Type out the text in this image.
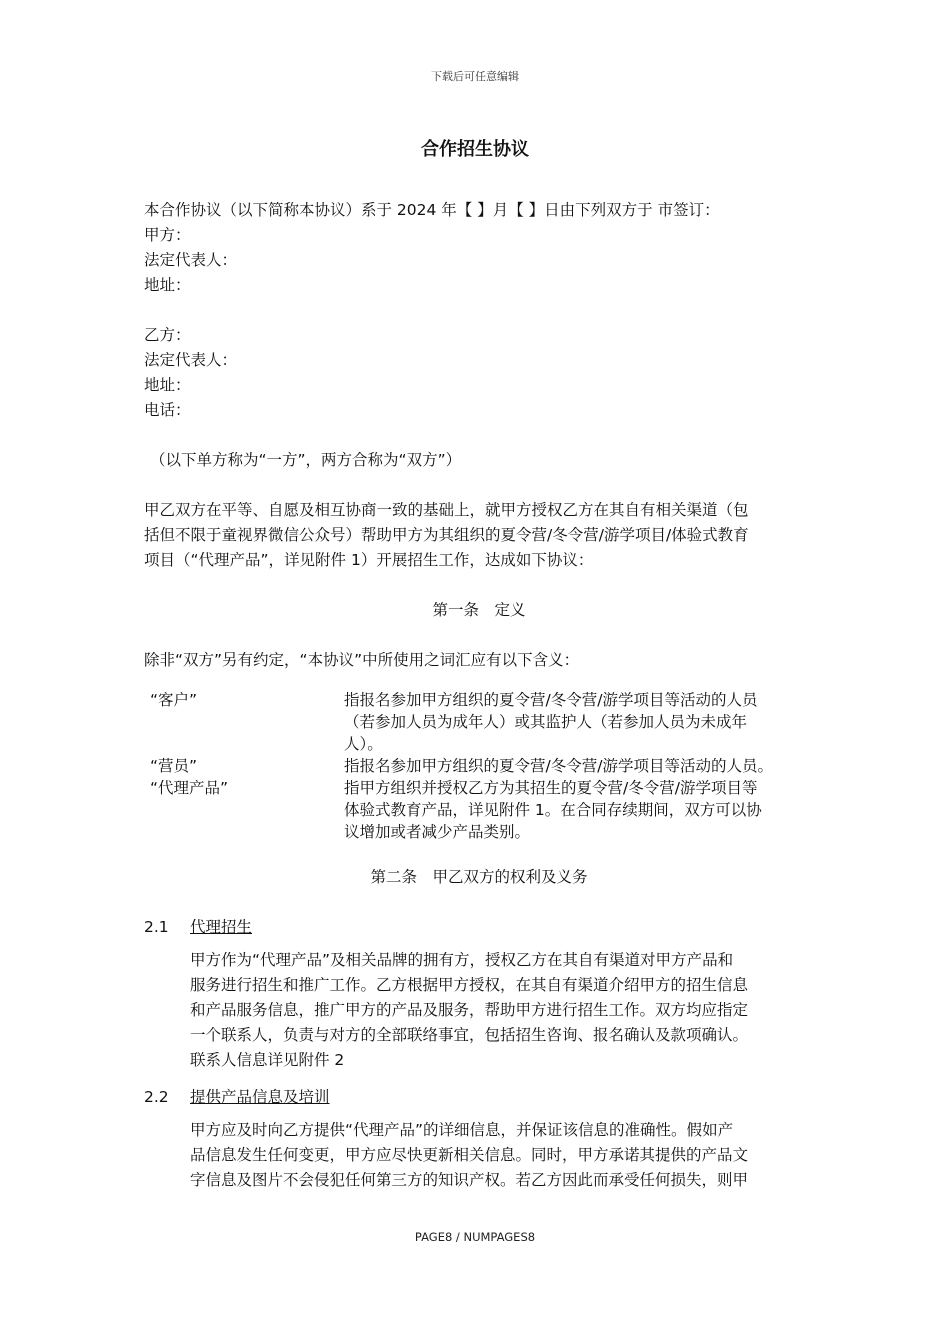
下载后可任意编辑
合作招生协议
本合作协议（以下简称本协议）系于 2024 年【 】月【 】日由下列双方于 市签订：
甲方：
法定代表人：
地址：
乙方：
法定代表人：
地址：
电话：
（以下单方称为“一方”，两方合称为“双方”）
甲乙双方在平等、自愿及相互协商一致的基础上，就甲方授权乙方在其自有相关渠道（包
括但不限于童视界微信公众号）帮助甲方为其组织的夏令营/冬令营/游学项目/体验式教育
项目（“代理产品”，详见附件 1）开展招生工作，达成如下协议：
第一条　定义
除非“双方”另有约定，“本协议”中所使用之词汇应有以下含义：
“客户”	指报名参加甲方组织的夏令营/冬令营/游学项目等活动的人员
（若参加人员为成年人）或其监护人（若参加人员为未成年
人）。
“营员”	指报名参加甲方组织的夏令营/冬令营/游学项目等活动的人员。
“代理产品”	指甲方组织并授权乙方为其招生的夏令营/冬令营/游学项目等
体验式教育产品，详见附件 1。在合同存续期间，双方可以协
议增加或者减少产品类别。
第二条　甲乙双方的权利及义务
2.1	代理招生
甲方作为“代理产品”及相关品牌的拥有方，授权乙方在其自有渠道对甲方产品和
服务进行招生和推广工作。乙方根据甲方授权，在其自有渠道介绍甲方的招生信息
和产品服务信息，推广甲方的产品及服务，帮助甲方进行招生工作。双方均应指定
一个联系人，负责与对方的全部联络事宜，包括招生咨询、报名确认及款项确认。
联系人信息详见附件 2
2.2	提供产品信息及培训
甲方应及时向乙方提供“代理产品”的详细信息，并保证该信息的准确性。假如产
品信息发生任何变更，甲方应尽快更新相关信息。同时，甲方承诺其提供的产品文
字信息及图片不会侵犯任何第三方的知识产权。若乙方因此而承受任何损失，则甲
PAGE8 / NUMPAGES8
